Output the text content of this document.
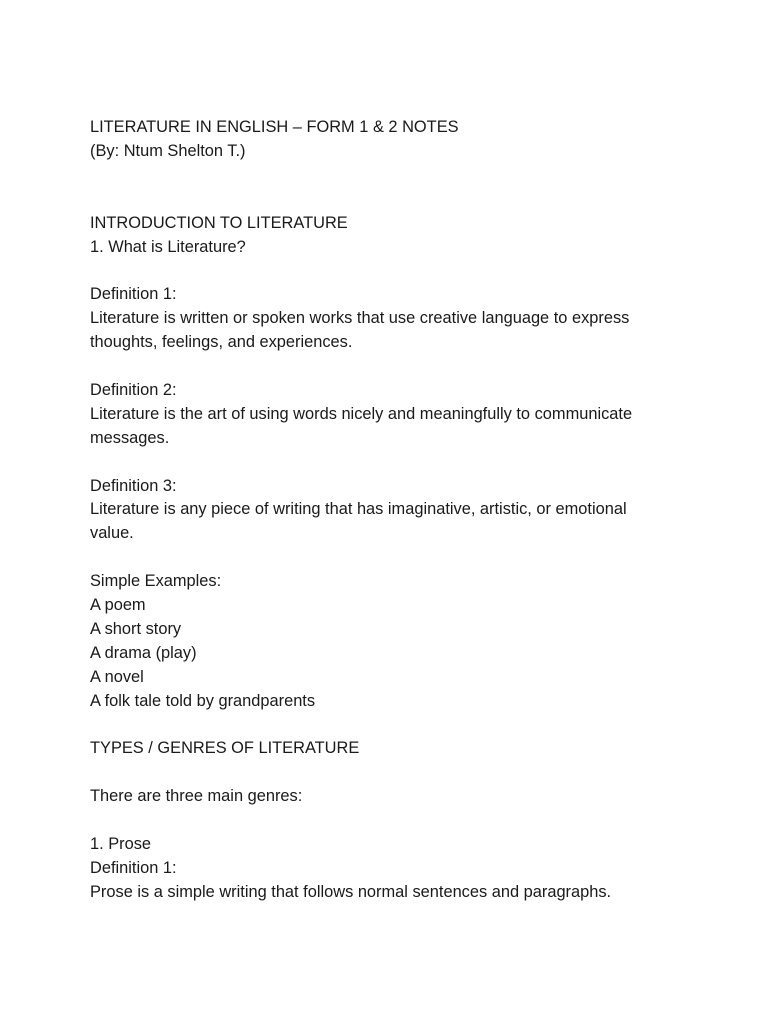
LITERATURE IN ENGLISH – FORM 1 & 2 NOTES
(By: Ntum Shelton T.)
INTRODUCTION TO LITERATURE
1. What is Literature?
Definition 1:
Literature is written or spoken works that use creative language to express
thoughts, feelings, and experiences.
Definition 2:
Literature is the art of using words nicely and meaningfully to communicate
messages.
Definition 3:
Literature is any piece of writing that has imaginative, artistic, or emotional
value.
Simple Examples:
A poem
A short story
A drama (play)
A novel
A folk tale told by grandparents
TYPES / GENRES OF LITERATURE
There are three main genres:
1. Prose
Definition 1:
Prose is a simple writing that follows normal sentences and paragraphs.
